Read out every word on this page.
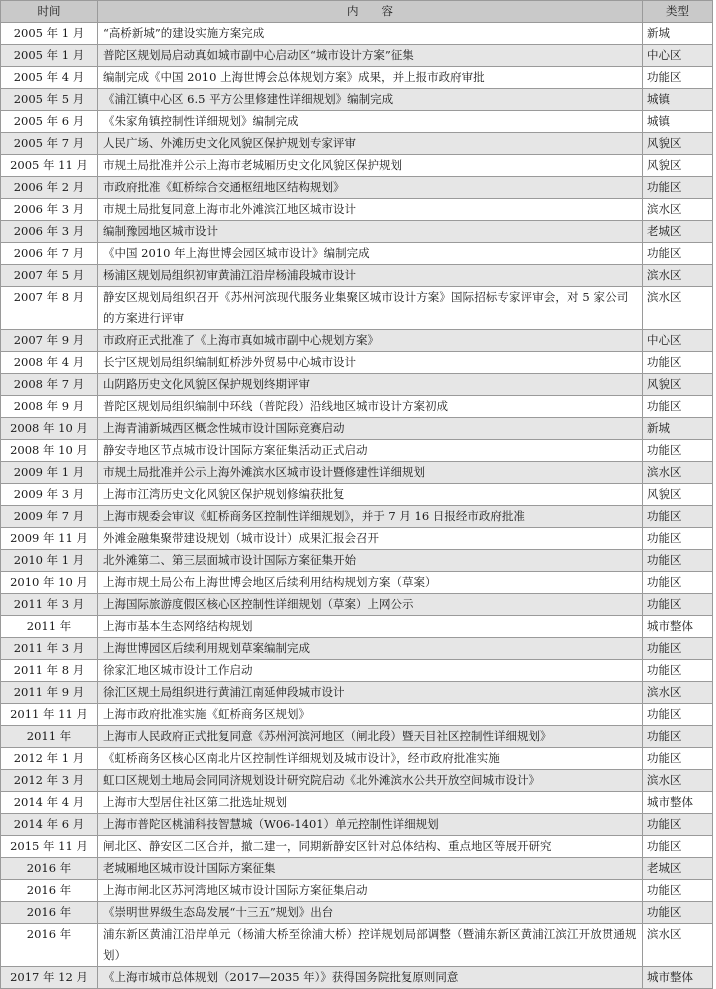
时间	内　　容	类型
2005 年 1 月	“高桥新城”的建设实施方案完成	新城
2005 年 1 月	普陀区规划局启动真如城市副中心启动区“城市设计方案”征集	中心区
2005 年 4 月	编制完成《中国 2010 上海世博会总体规划方案》成果，并上报市政府审批	功能区
2005 年 5 月	《浦江镇中心区 6.5 平方公里修建性详细规划》编制完成	城镇
2005 年 6 月	《朱家角镇控制性详细规划》编制完成	城镇
2005 年 7 月	人民广场、外滩历史文化风貌区保护规划专家评审	风貌区
2005 年 11 月	市规土局批准并公示上海市老城厢历史文化风貌区保护规划	风貌区
2006 年 2 月	市政府批准《虹桥综合交通枢纽地区结构规划》	功能区
2006 年 3 月	市规土局批复同意上海市北外滩滨江地区城市设计	滨水区
2006 年 3 月	编制豫园地区城市设计	老城区
2006 年 7 月	《中国 2010 年上海世博会园区城市设计》编制完成	功能区
2007 年 5 月	杨浦区规划局组织初审黄浦江沿岸杨浦段城市设计	滨水区
2007 年 8 月	静安区规划局组织召开《苏州河滨现代服务业集聚区城市设计方案》国际招标专家评审会，对 5 家公司的方案进行评审	滨水区
2007 年 9 月	市政府正式批准了《上海市真如城市副中心规划方案》	中心区
2008 年 4 月	长宁区规划局组织编制虹桥涉外贸易中心城市设计	功能区
2008 年 7 月	山阴路历史文化风貌区保护规划终期评审	风貌区
2008 年 9 月	普陀区规划局组织编制中环线（普陀段）沿线地区城市设计方案初成	功能区
2008 年 10 月	上海青浦新城西区概念性城市设计国际竞赛启动	新城
2008 年 10 月	静安寺地区节点城市设计国际方案征集活动正式启动	功能区
2009 年 1 月	市规土局批准并公示上海外滩滨水区城市设计暨修建性详细规划	滨水区
2009 年 3 月	上海市江湾历史文化风貌区保护规划修编获批复	风貌区
2009 年 7 月	上海市规委会审议《虹桥商务区控制性详细规划》，并于 7 月 16 日报经市政府批准	功能区
2009 年 11 月	外滩金融集聚带建设规划（城市设计）成果汇报会召开	功能区
2010 年 1 月	北外滩第二、第三层面城市设计国际方案征集开始	功能区
2010 年 10 月	上海市规土局公布上海世博会地区后续利用结构规划方案（草案）	功能区
2011 年 3 月	上海国际旅游度假区核心区控制性详细规划（草案）上网公示	功能区
2011 年	上海市基本生态网络结构规划	城市整体
2011 年 3 月	上海世博园区后续利用规划草案编制完成	功能区
2011 年 8 月	徐家汇地区城市设计工作启动	功能区
2011 年 9 月	徐汇区规土局组织进行黄浦江南延伸段城市设计	滨水区
2011 年 11 月	上海市政府批准实施《虹桥商务区规划》	功能区
2011 年	上海市人民政府正式批复同意《苏州河滨河地区（闸北段）暨天目社区控制性详细规划》	功能区
2012 年 1 月	《虹桥商务区核心区南北片区控制性详细规划及城市设计》，经市政府批准实施	功能区
2012 年 3 月	虹口区规划土地局会同同济规划设计研究院启动《北外滩滨水公共开放空间城市设计》	滨水区
2014 年 4 月	上海市大型居住社区第二批选址规划	城市整体
2014 年 6 月	上海市普陀区桃浦科技智慧城（W06-1401）单元控制性详细规划	功能区
2015 年 11 月	闸北区、静安区二区合并，撤二建一，同期新静安区针对总体结构、重点地区等展开研究	功能区
2016 年	老城厢地区城市设计国际方案征集	老城区
2016 年	上海市闸北区苏河湾地区城市设计国际方案征集启动	功能区
2016 年	《崇明世界级生态岛发展“十三五”规划》出台	功能区
2016 年	浦东新区黄浦江沿岸单元（杨浦大桥至徐浦大桥）控详规划局部调整（暨浦东新区黄浦江滨江开放贯通规划）	滨水区
2017 年 12 月	《上海市城市总体规划（2017—2035 年）》获得国务院批复原则同意	城市整体
